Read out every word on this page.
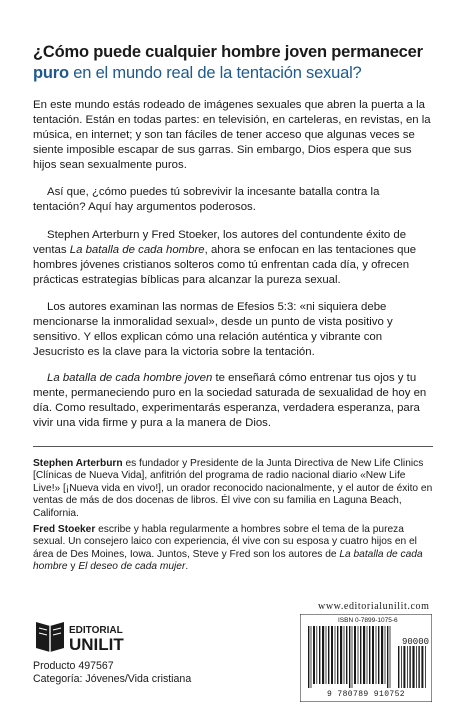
¿Cómo puede cualquier hombre joven permanecer puro en el mundo real de la tentación sexual?

En este mundo estás rodeado de imágenes sexuales que abren la puerta a la tentación. Están en todas partes: en televisión, en carteleras, en revistas, en la música, en internet; y son tan fáciles de tener acceso que algunas veces se siente imposible escapar de sus garras. Sin embargo, Dios espera que sus hijos sean sexualmente puros.

Así que, ¿cómo puedes tú sobrevivir la incesante batalla contra la tentación? Aquí hay argumentos poderosos.

Stephen Arterburn y Fred Stoeker, los autores del contundente éxito de ventas La batalla de cada hombre, ahora se enfocan en las tentaciones que hombres jóvenes cristianos solteros como tú enfrentan cada día, y ofrecen prácticas estrategias bíblicas para alcanzar la pureza sexual.

Los autores examinan las normas de Efesios 5:3: «ni siquiera debe mencionarse la inmoralidad sexual», desde un punto de vista positivo y sensitivo. Y ellos explican cómo una relación auténtica y vibrante con Jesucristo es la clave para la victoria sobre la tentación.

La batalla de cada hombre joven te enseñará cómo entrenar tus ojos y tu mente, permaneciendo puro en la sociedad saturada de sexualidad de hoy en día. Como resultado, experimentarás esperanza, verdadera esperanza, para vivir una vida firme y pura a la manera de Dios.

Stephen Arterburn es fundador y Presidente de la Junta Directiva de New Life Clinics [Clínicas de Nueva Vida], anfitrión del programa de radio nacional diario «New Life Live!» [¡Nueva vida en vivo!], un orador reconocido nacionalmente, y el autor de éxito en ventas de más de dos docenas de libros. Él vive con su familia en Laguna Beach, California.

Fred Stoeker escribe y habla regularmente a hombres sobre el tema de la pureza sexual. Un consejero laico con experiencia, él vive con su esposa y cuatro hijos en el área de Des Moines, Iowa. Juntos, Steve y Fred son los autores de La batalla de cada hombre y El deseo de cada mujer.

EDITORIAL
UNILIT
Producto 497567
Categoría: Jóvenes/Vida cristiana
www.editorialunilit.com
ISBN 0-7899-1075-6
90000
9 780789 910752
